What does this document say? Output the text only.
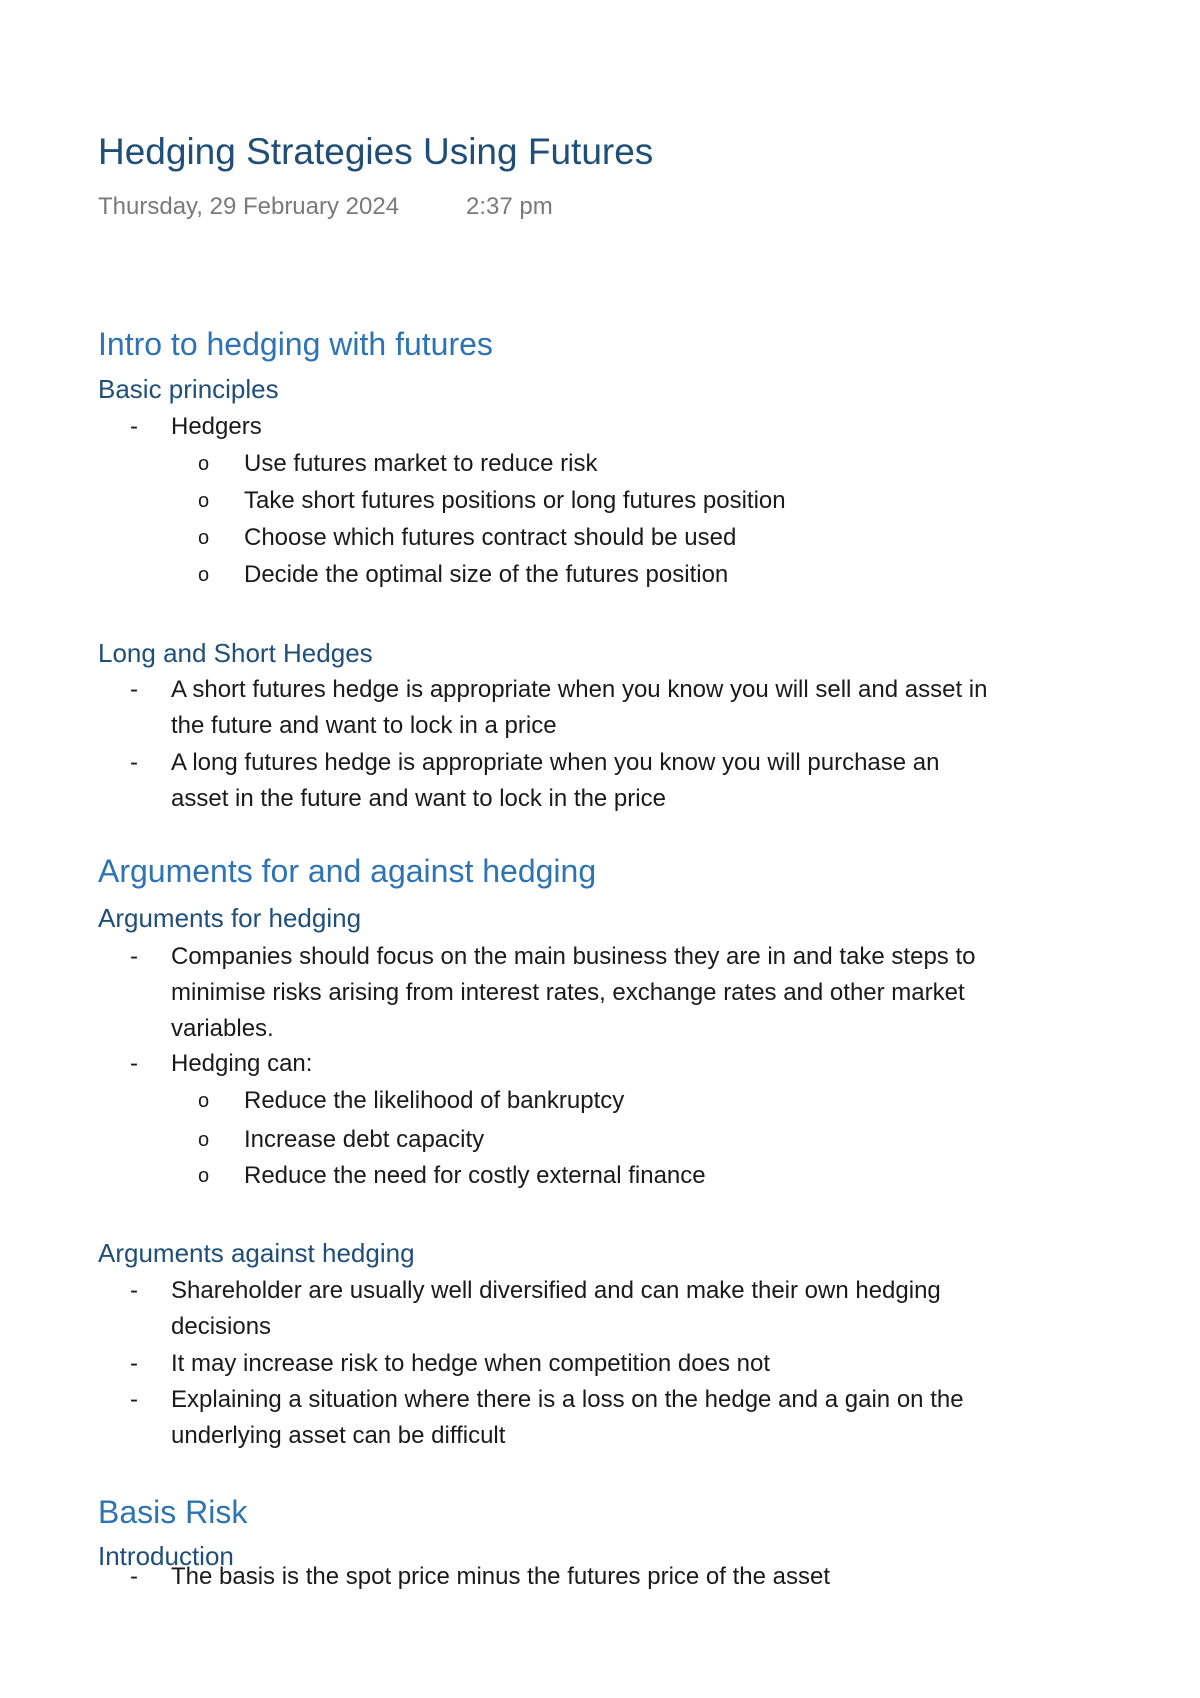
Hedging Strategies Using Futures
Thursday, 29 February 2024	2:37 pm
Intro to hedging with futures
Basic principles
- Hedgers
o Use futures market to reduce risk
o Take short futures positions or long futures position
o Choose which futures contract should be used
o Decide the optimal size of the futures position
Long and Short Hedges
- A short futures hedge is appropriate when you know you will sell and asset in
the future and want to lock in a price
- A long futures hedge is appropriate when you know you will purchase an
asset in the future and want to lock in the price
Arguments for and against hedging
Arguments for hedging
- Companies should focus on the main business they are in and take steps to
minimise risks arising from interest rates, exchange rates and other market
variables.
- Hedging can:
o Reduce the likelihood of bankruptcy
o Increase debt capacity
o Reduce the need for costly external finance
Arguments against hedging
- Shareholder are usually well diversified and can make their own hedging
decisions
- It may increase risk to hedge when competition does not
- Explaining a situation where there is a loss on the hedge and a gain on the
underlying asset can be difficult
Basis Risk
Introduction
- The basis is the spot price minus the futures price of the asset
